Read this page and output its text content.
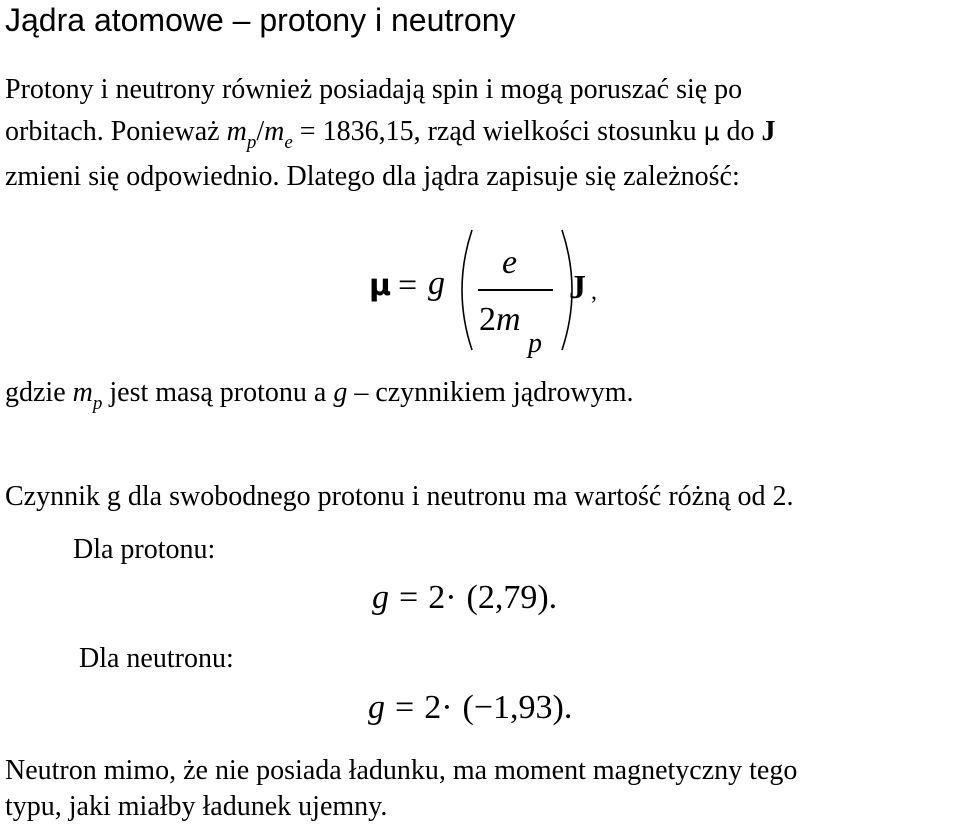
Jądra atomowe – protony i neutrony
Protony i neutrony również posiadają spin i mogą poruszać się po
orbitach. Ponieważ $m_p/m_e = 1836,15$, rząd wielkości stosunku μ do J
zmieni się odpowiednio. Dlatego dla jądra zapisuje się zależność:
μ = g
e
2m
p
J ,
gdzie $m_p$ jest masą protonu a g – czynnikiem jądrowym.
Czynnik g dla swobodnego protonu i neutronu ma wartość różną od 2.
Dla protonu:
g = 2· (2,79).
Dla neutronu:
g = 2· (−1,93).
Neutron mimo, że nie posiada ładunku, ma moment magnetyczny tego
typu, jaki miałby ładunek ujemny.
